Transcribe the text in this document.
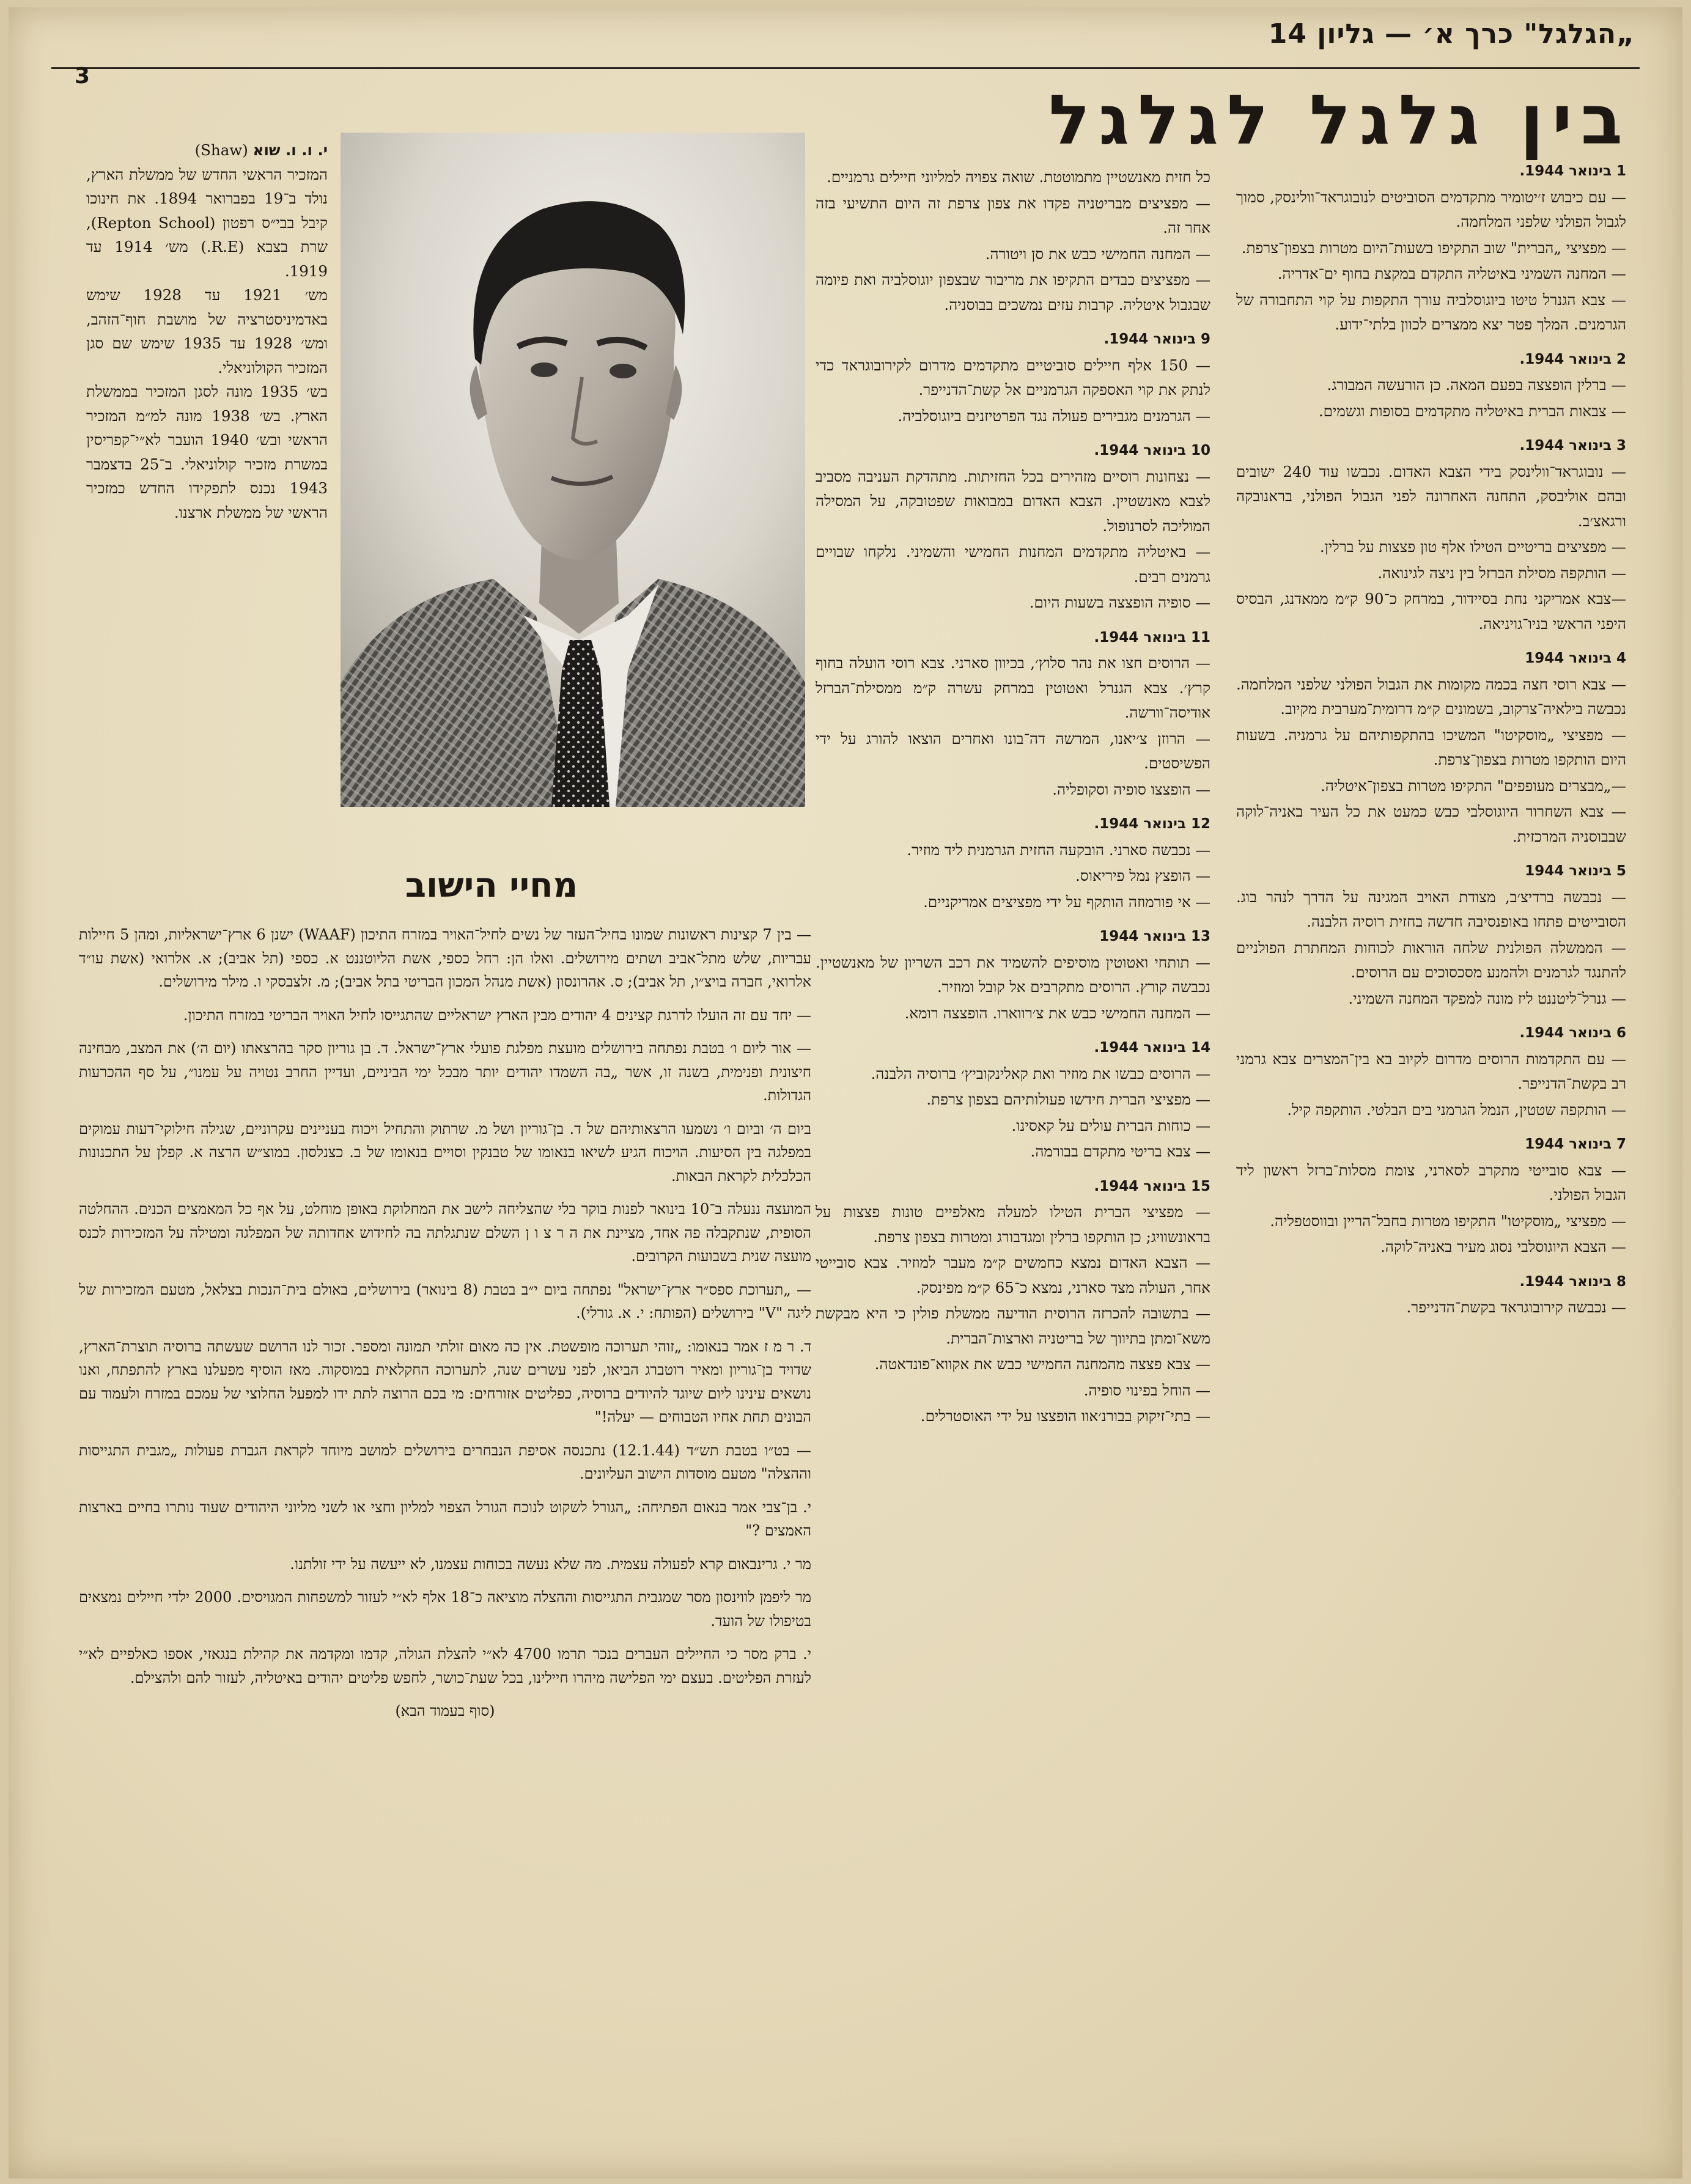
„הגלגל" כרך א׳ — גליון 14
3
בין גלגל לגלגל

1 בינואר 1944.

— עם כיבוש ז׳יטומיר מתקדמים הסוביטים לנובוגראד־וולינסק, סמוך לגבול הפולני שלפני המלחמה.

— מפציצי „הברית" שוב התקיפו בשעות־היום מטרות בצפון־צרפת.

— המחנה השמיני באיטליה התקדם במקצת בחוף ים־אדריה.

— צבא הגנרל טיטו ביוגוסלביה עורך התקפות על קוי התחבורה של הגרמנים. המלך פטר יצא ממצרים לכוון בלתי־ידוע.

2 בינואר 1944.

— ברלין הופצצה בפעם המאה. כן הורעשה המבורג.

— צבאות הברית באיטליה מתקדמים בסופות וגשמים.

3 בינואר 1944.

— נובוגראד־וולינסק בידי הצבא האדום. נכבשו עוד 240 ישובים ובהם אוליבסק, התחנה האחרונה לפני הגבול הפולני, בראנובקה ורגאצ׳ב.

— מפציצים בריטיים הטילו אלף טון פצצות על ברלין.

— הותקפה מסילת הברזל בין ניצה לגינואה.

—צבא אמריקני נחת בסיידור, במרחק כ־90 ק״מ ממאדנג, הבסיס היפני הראשי בניו־גויניאה.

4 בינואר 1944

— צבא רוסי חצה בכמה מקומות את הגבול הפולני שלפני המלחמה. נכבשה בילאיה־צרקוב, בשמונים ק״מ דרומית־מערבית מקיוב.

— מפציצי „מוסקיטו" המשיכו בהתקפותיהם על גרמניה. בשעות היום הותקפו מטרות בצפון־צרפת.

—„מבצרים מעופפים" התקיפו מטרות בצפון־איטליה.

— צבא השחרור היוגוסלבי כבש כמעט את כל העיר באניה־לוקה שבבוסניה המרכזית.

5 בינואר 1944

— נכבשה ברדיצ׳ב, מצודת האויב המגינה על הדרך לנהר בוג. הסובייטים פתחו באופנסיבה חדשה בחזית רוסיה הלבנה.

— הממשלה הפולנית שלחה הוראות לכוחות המחתרת הפולניים להתנגד לגרמנים ולהמנע מסכסוכים עם הרוסים.

— גנרל־ליטננט ליז מונה למפקד המחנה השמיני.

6 בינואר 1944.

— עם התקדמות הרוסים מדרום לקיוב בא בין־המצרים צבא גרמני רב בקשת־הדנייפר.

— הותקפה שטטין, הנמל הגרמני בים הבלטי. הותקפה קיל.

7 בינואר 1944

— צבא סובייטי מתקרב לסארני, צומת מסלות־ברזל ראשון ליד הגבול הפולני.

— מפציצי „מוסקיטו" התקיפו מטרות בחבל־הריין ובווסטפליה.

— הצבא היוגוסלבי נסוג מעיר באניה־לוקה.

8 בינואר 1944.

— נכבשה קירובוגראד בקשת־הדנייפר.

כל חזית מאנשטיין מתמוטטת. שואה צפויה למליוני חיילים גרמניים.

— מפציצים מבריטניה פקדו את צפון צרפת זה היום התשיעי בזה אחר זה.

— המחנה החמישי כבש את סן ויטורה.

— מפציצים כבדים התקיפו את מריבור שבצפון יוגוסלביה ואת פיומה שבגבול איטליה. קרבות עזים נמשכים בבוסניה.

9 בינואר 1944.

— 150 אלף חיילים סוביטיים מתקדמים מדרום לקירובוגראד כדי לנתק את קוי האספקה הגרמניים אל קשת־הדנייפר.

— הגרמנים מגבירים פעולה נגד הפרטיזנים ביוגוסלביה.

10 בינואר 1944.

— נצחונות רוסיים מזהירים בכל החזיתות. מתהדקת העניבה מסביב לצבא מאנשטיין. הצבא האדום במבואות שפטובקה, על המסילה המוליכה לסרנופול.

— באיטליה מתקדמים המחנות החמישי והשמיני. נלקחו שבויים גרמנים רבים.

— סופיה הופצצה בשעות היום.

11 בינואר 1944.

— הרוסים חצו את נהר סלוץ׳, בכיוון סארני. צבא רוסי הועלה בחוף קרץ׳. צבא הגנרל ואטוטין במרחק עשרה ק״מ ממסילת־הברזל אודיסה־וורשה.

— הרוזן צ׳יאנו, המרשה דה־בונו ואחרים הוצאו להורג על ידי הפשיסטים.

— הופצצו סופיה וסקופליה.

12 בינואר 1944.

— נכבשה סארני. הובקעה החזית הגרמנית ליד מוזיר.

— הופצץ נמל פיריאוס.

— אי פורמוזה הותקף על ידי מפציצים אמריקניים.

13 בינואר 1944

— תותחי ואטוטין מוסיפים להשמיד את רכב השריון של מאנשטיין. נכבשה קורץ. הרוסים מתקרבים אל קובל ומוזיר.

— המחנה החמישי כבש את צ׳רווארו. הופצצה רומא.

14 בינואר 1944.

— הרוסים כבשו את מוזיר ואת קאלינקוביץ׳ ברוסיה הלבנה.

— מפציצי הברית חידשו פעולותיהם בצפון צרפת.

— כוחות הברית עולים על קאסינו.

— צבא בריטי מתקדם בבורמה.

15 בינואר 1944.

— מפציצי הברית הטילו למעלה מאלפיים טונות פצצות על בראונשוויג; כן הותקפו ברלין ומגדבורג ומטרות בצפון צרפת.

— הצבא האדום נמצא כחמשים ק״מ מעבר למוזיר. צבא סובייטי אחר, העולה מצד סארני, נמצא כ־65 ק״מ מפינסק.

— בתשובה להכרזה הרוסית הודיעה ממשלת פולין כי היא מבקשת משא־ומתן בתיווך של בריטניה וארצות־הברית.

— צבא פצצה מהמחנה החמישי כבש את אקווא־פונדאטה.

— הוחל בפינוי סופיה.

— בתי־זיקוק בבורנ׳אוו הופצצו על ידי האוסטרלים.

י. ו. ו. שוא (Shaw)

המזכיר הראשי החדש של ממשלת הארץ, נולד ב־19 בפברואר 1894. את חינוכו קיבל בבי״ס רפטון (Repton School), שרת בצבא (R.E.) מש׳ 1914 עד 1919.

מש׳ 1921 עד 1928 שימש באדמיניסטרציה של מושבת חוף־הזהב, ומש׳ 1928 עד 1935 שימש שם סגן המזכיר הקולוניאלי.

בש׳ 1935 מונה לסגן המזכיר בממשלת הארץ. בש׳ 1938 מונה למ״מ המזכיר הראשי ובש׳ 1940 הועבר לא״י־קפריסין במשרת מזכיר קולוניאלי. ב־25 בדצמבר 1943 נכנס לתפקידו החדש כמזכיר הראשי של ממשלת ארצנו.

מחיי הישוב

— בין 7 קצינות ראשונות שמונו בחיל־העזר של נשים לחיל־האויר במזרח התיכון (WAAF) ישנן 6 ארץ־ישראליות, ומהן 5 חיילות עבריות, שלש מתל־אביב ושתים מירושלים. ואלו הן: רחל כספי, אשת הליוטננט א. כספי (תל אביב); א. אלרואי (אשת עו״ד אלרואי, חברה בויצ״ו, תל אביב); ס. אהרונסון (אשת מנהל המכון הבריטי בתל אביב); מ. זלצבסקי ו. מילר מירושלים.

— יחד עם זה הועלו לדרגת קצינים 4 יהודים מבין הארץ ישראליים שהתגייסו לחיל האויר הבריטי במזרח התיכון.

— אור ליום ו׳ בטבת נפתחה בירושלים מועצת מפלגת פועלי ארץ־ישראל. ד. בן גוריון סקר בהרצאתו (יום ה׳) את המצב, מבחינה חיצונית ופנימית, בשנה זו, אשר „בה השמדו יהודים יותר מבכל ימי הביניים, ועדיין החרב נטויה על עמנו״, על סף ההכרעות הגדולות.

ביום ה׳ וביום ו׳ נשמעו הרצאותיהם של ד. בן־גוריון ושל מ. שרתוק והתחיל ויכוח בעניינים עקרוניים, שגילה חילוקי־דעות עמוקים במפלגה בין הסיעות. הויכוח הגיע לשיאו בנאומו של טבנקין וסויים בנאומו של ב. כצנלסון. במוצ״ש הרצה א. קפלן על התכנונות הכלכלית לקראת הבאות.

המועצה ננעלה ב־10 בינואר לפנות בוקר בלי שהצליחה לישב את המחלוקת באופן מוחלט, על אף כל המאמצים הכנים. ההחלטה הסופית, שנתקבלה פה אחד, מציינת את ה ר צ ו ן השלם שנתגלתה בה לחידוש אחדותה של המפלגה ומטילה על המזכירות לכנס מועצה שנית בשבועות הקרובים.

— „תערוכת ספס״ר ארץ־ישראל" נפתחה ביום י״ב בטבת (8 בינואר) בירושלים, באולם בית־הנכות בצלאל, מטעם המזכירות של ליגה "V" בירושלים (הפותח: י. א. גורלי).

ד. ר מ ז אמר בנאומו: „זוהי תערוכה מופשטת. אין כה מאום זולתי תמונה ומספר. זכור לנו הרושם שעשתה ברוסיה תוצרת־הארץ, שדויד בן־גוריון ומאיר רוטברג הביאו, לפני עשרים שנה, לתערוכה החקלאית במוסקוה. מאז הוסיף מפעלנו בארץ להתפתח, ואנו נושאים עינינו ליום שיוגד להיודים ברוסיה, כפליטים אזורחים: מי בכם הרוצה לתת ידו למפעל החלוצי של עמכם במזרח ולעמוד עם הבונים תחת אחיו הטבוחים — יעלה!"

— בט״ו בטבת תש״ד (12.1.44) נתכנסה אסיפת הנבחרים בירושלים למושב מיוחד לקראת הגברת פעולות „מגבית התגייסות וההצלה" מטעם מוסדות הישוב העליונים.

י. בן־צבי אמר בנאום הפתיחה: „הגורל לשקוט לנוכח הגורל הצפוי למליון וחצי או לשני מליוני היהודים שעוד נותרו בחיים בארצות האמצים ?"

מר י. גרינבאום קרא לפעולה עצמית. מה שלא נעשה בכוחות עצמנו, לא ייעשה על ידי זולתנו.

מר ליפמן לווינסון מסר שמגבית התגייסות וההצלה מוציאה כ־18 אלף לא״י לעזור למשפחות המגויסים. 2000 ילדי חיילים נמצאים בטיפולו של הועד.

י. ברק מסר כי החיילים העברים בנכר תרמו 4700 לא״י להצלת הגולה, קדמו ומקדמה את קהילת בנגאזי, אספו כאלפיים לא״י לעזרת הפליטים. בעצם ימי הפלישה מיהרו חיילינו, בכל שעת־כושר, לחפש פליטים יהודים באיטליה, לעזור להם ולהצילם.

(סוף בעמוד הבא)
